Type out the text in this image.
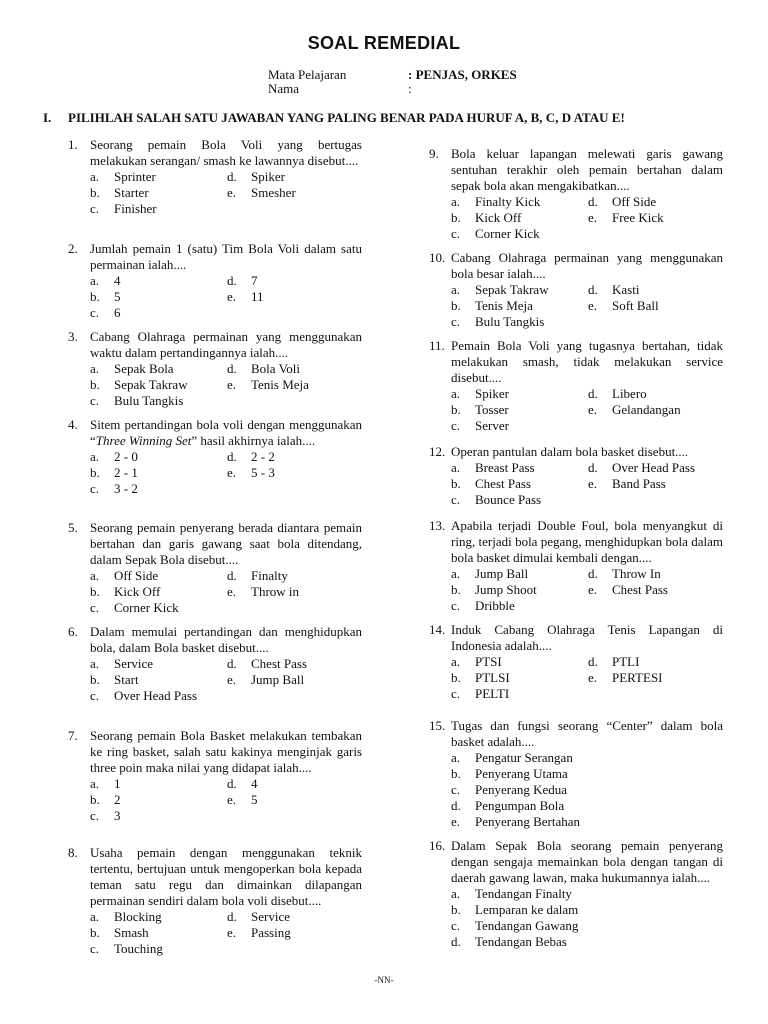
SOAL REMEDIAL
Mata Pelajaran	: PENJAS, ORKES
Nama	:
I. PILIHLAH SALAH SATU JAWABAN YANG PALING BENAR PADA HURUF A, B, C, D ATAU E!
1. Seorang pemain Bola Voli yang bertugas melakukan serangan/ smash ke lawannya disebut....
a.	Sprinter	d.	Spiker
b.	Starter	e.	Smesher
c.	Finisher
2. Jumlah pemain 1 (satu) Tim Bola Voli dalam satu permainan ialah....
a.	4	d.	7
b.	5	e.	11
c.	6
3. Cabang Olahraga permainan yang menggunakan waktu dalam pertandingannya ialah....
a.	Sepak Bola	d.	Bola Voli
b.	Sepak Takraw	e.	Tenis Meja
c.	Bulu Tangkis
4. Sitem pertandingan bola voli dengan menggunakan “Three Winning Set” hasil akhirnya ialah....
a.	2 - 0	d.	2 - 2
b.	2 - 1	e.	5 - 3
c.	3 - 2
5. Seorang pemain penyerang berada diantara pemain bertahan dan garis gawang saat bola ditendang, dalam Sepak Bola disebut....
a.	Off Side	d.	Finalty
b.	Kick Off	e.	Throw in
c.	Corner Kick
6. Dalam memulai pertandingan dan menghidupkan bola, dalam Bola basket disebut....
a.	Service	d.	Chest Pass
b.	Start	e.	Jump Ball
c.	Over Head Pass
7. Seorang pemain Bola Basket melakukan tembakan ke ring basket, salah satu kakinya menginjak garis three poin maka nilai yang didapat ialah....
a.	1	d.	4
b.	2	e.	5
c.	3
8. Usaha pemain dengan menggunakan teknik tertentu, bertujuan untuk mengoperkan bola kepada teman satu regu dan dimainkan dilapangan permainan sendiri dalam bola voli disebut....
a.	Blocking	d.	Service
b.	Smash	e.	Passing
c.	Touching
9. Bola keluar lapangan melewati garis gawang sentuhan terakhir oleh pemain bertahan dalam sepak bola akan mengakibatkan....
a.	Finalty Kick	d.	Off Side
b.	Kick Off	e.	Free Kick
c.	Corner Kick
10. Cabang Olahraga permainan yang menggunakan bola besar ialah....
a.	Sepak Takraw	d.	Kasti
b.	Tenis Meja	e.	Soft Ball
c.	Bulu Tangkis
11. Pemain Bola Voli yang tugasnya bertahan, tidak melakukan smash, tidak melakukan service disebut....
a.	Spiker	d.	Libero
b.	Tosser	e.	Gelandangan
c.	Server
12. Operan pantulan dalam bola basket disebut....
a.	Breast Pass	d.	Over Head Pass
b.	Chest Pass	e.	Band Pass
c.	Bounce Pass
13. Apabila terjadi Double Foul, bola menyangkut di ring, terjadi bola pegang, menghidupkan bola dalam bola basket dimulai kembali dengan....
a.	Jump Ball	d.	Throw In
b.	Jump Shoot	e.	Chest Pass
c.	Dribble
14. Induk Cabang Olahraga Tenis Lapangan di Indonesia adalah....
a.	PTSI	d.	PTLI
b.	PTLSI	e.	PERTESI
c.	PELTI
15. Tugas dan fungsi seorang “Center” dalam bola basket adalah....
a.	Pengatur Serangan
b.	Penyerang Utama
c.	Penyerang Kedua
d.	Pengumpan Bola
e.	Penyerang Bertahan
16. Dalam Sepak Bola seorang pemain penyerang dengan sengaja memainkan bola dengan tangan di daerah gawang lawan, maka hukumannya ialah....
a.	Tendangan Finalty
b.	Lemparan ke dalam
c.	Tendangan Gawang
d.	Tendangan Bebas
-NN-
